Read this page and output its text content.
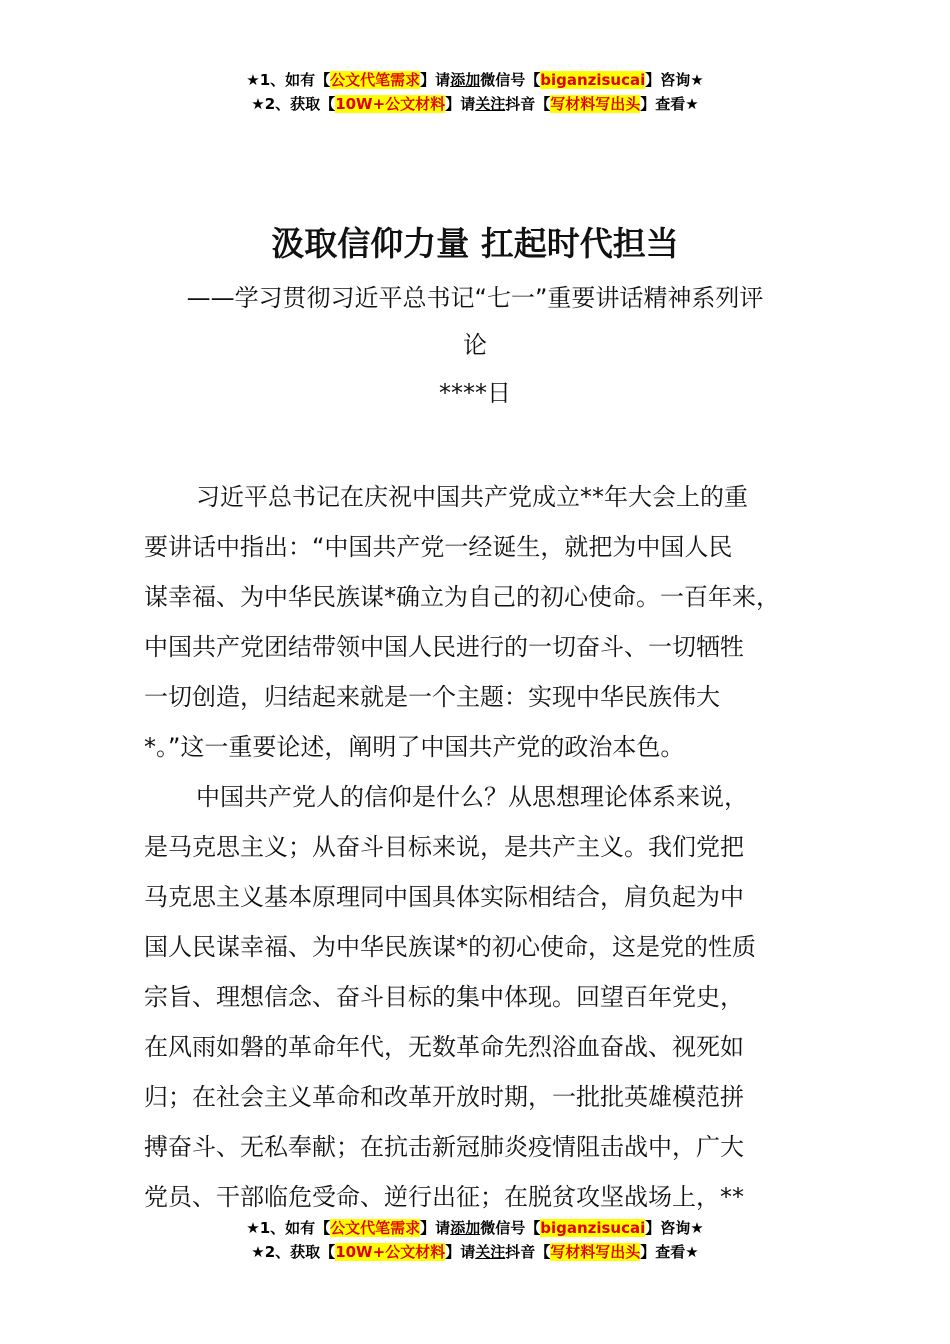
★1、如有【公文代笔需求】请添加微信号【biganzisucai】咨询★
★2、获取【10W+公文材料】请关注抖音【写材料写出头】查看★
汲取信仰力量 扛起时代担当
——学习贯彻习近平总书记“七一”重要讲话精神系列评
论
****日
习近平总书记在庆祝中国共产党成立**年大会上的重
要讲话中指出：“中国共产党一经诞生，就把为中国人民
谋幸福、为中华民族谋*确立为自己的初心使命。一百年来，
中国共产党团结带领中国人民进行的一切奋斗、一切牺牲
一切创造，归结起来就是一个主题：实现中华民族伟大
*。”这一重要论述，阐明了中国共产党的政治本色。
中国共产党人的信仰是什么？从思想理论体系来说，
是马克思主义；从奋斗目标来说，是共产主义。我们党把
马克思主义基本原理同中国具体实际相结合，肩负起为中
国人民谋幸福、为中华民族谋*的初心使命，这是党的性质
宗旨、理想信念、奋斗目标的集中体现。回望百年党史，
在风雨如磐的革命年代，无数革命先烈浴血奋战、视死如
归；在社会主义革命和改革开放时期，一批批英雄模范拼
搏奋斗、无私奉献；在抗击新冠肺炎疫情阻击战中，广大
党员、干部临危受命、逆行出征；在脱贫攻坚战场上，**
★1、如有【公文代笔需求】请添加微信号【biganzisucai】咨询★
★2、获取【10W+公文材料】请关注抖音【写材料写出头】查看★
